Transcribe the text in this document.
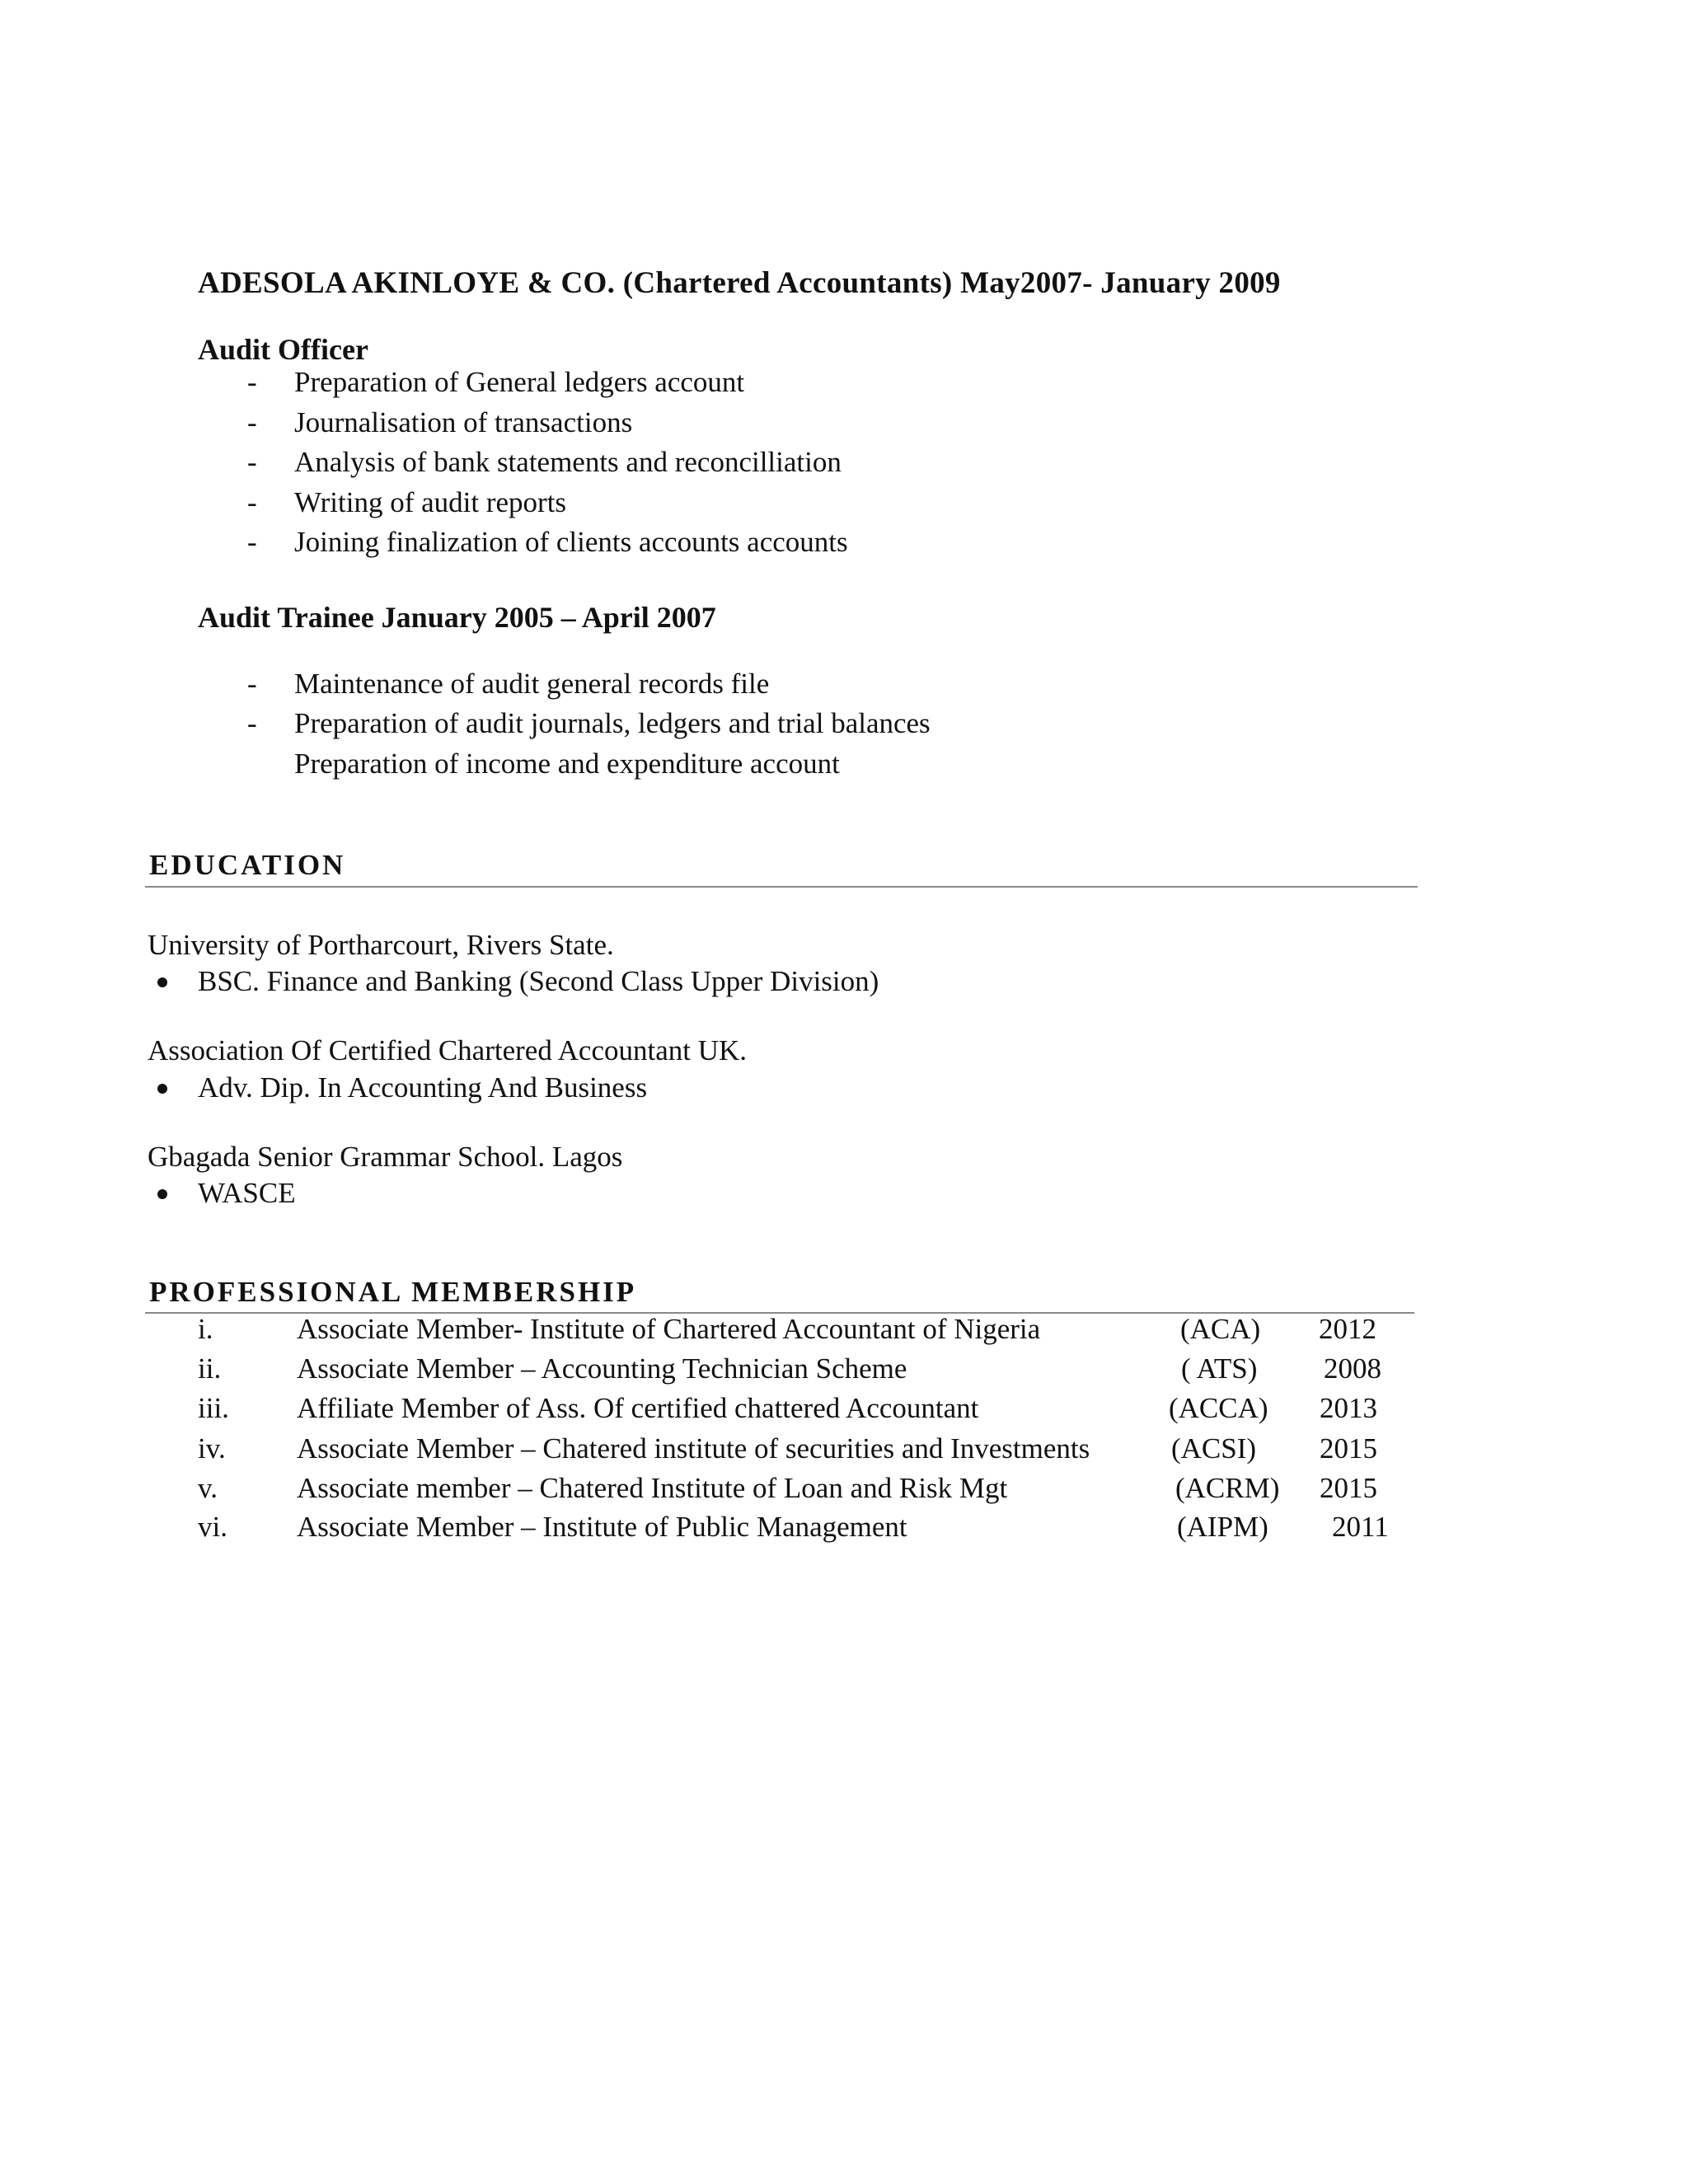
ADESOLA AKINLOYE & CO. (Chartered Accountants) May2007- January 2009
Audit Officer
- Preparation of General ledgers account
- Journalisation of transactions
- Analysis of bank statements and reconcilliation
- Writing of audit reports
- Joining finalization of clients accounts accounts
Audit Trainee January 2005 – April 2007
- Maintenance of audit general records file
- Preparation of audit journals, ledgers and trial balances
Preparation of income and expenditure account
EDUCATION
University of Portharcourt, Rivers State.
BSC. Finance and Banking (Second Class Upper Division)
Association Of Certified Chartered Accountant UK.
Adv. Dip. In Accounting And Business
Gbagada Senior Grammar School. Lagos
WASCE
PROFESSIONAL MEMBERSHIP
i.	Associate Member- Institute of Chartered Accountant of Nigeria	(ACA) 2012
ii.	Associate Member – Accounting Technician Scheme	( ATS) 2008
iii. Affiliate Member of Ass. Of certified chattered Accountant	(ACCA) 2013
iv. Associate Member – Chatered institute of securities and Investments	(ACSI) 2015
v.	Associate member – Chatered Institute of Loan and Risk Mgt	(ACRM) 2015
vi. Associate Member – Institute of Public Management	(AIPM) 2011
